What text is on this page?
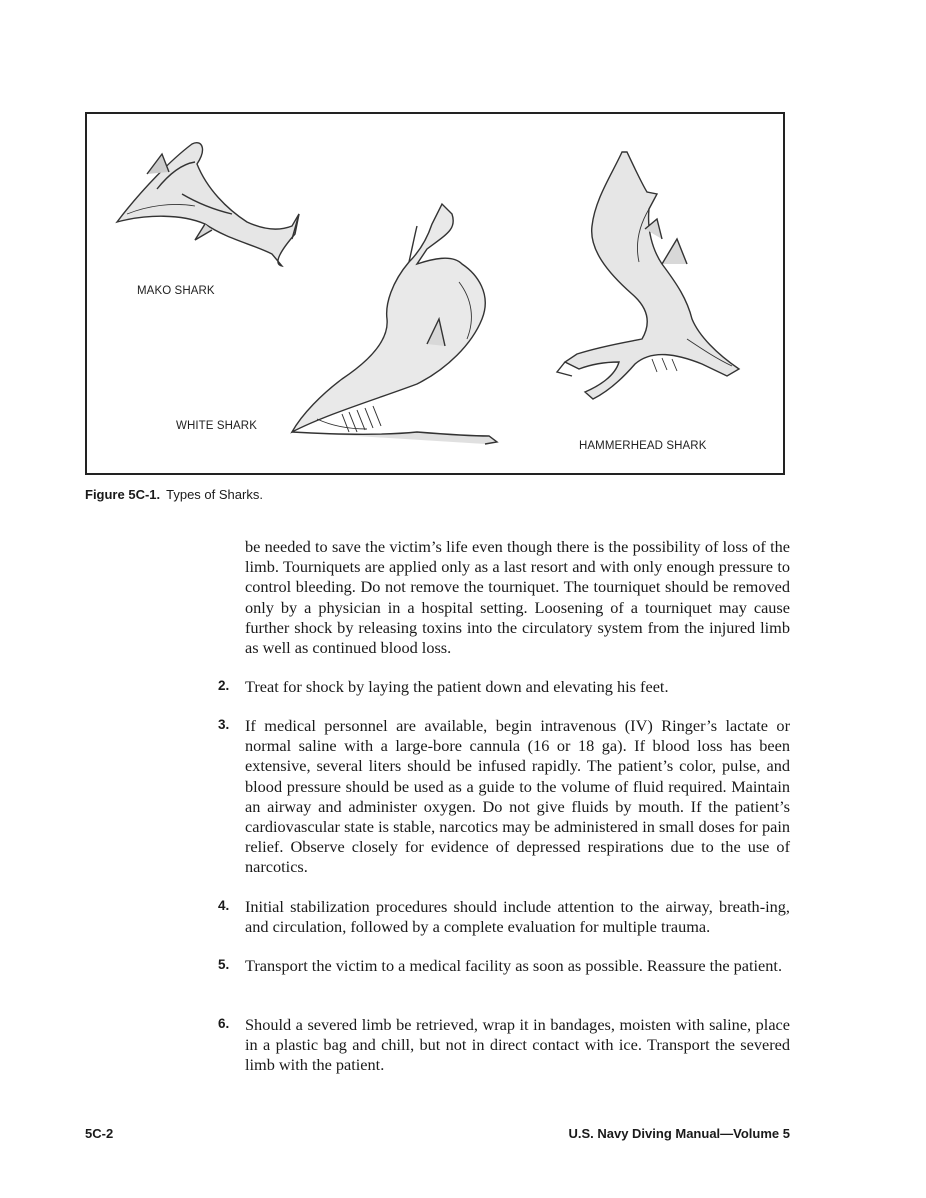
MAKO SHARK
WHITE SHARK
HAMMERHEAD SHARK
Figure 5C-1. Types of Sharks.

be needed to save the victim’s life even though there is the possibility of loss of the limb. Tourniquets are applied only as a last resort and with only enough pressure to control bleeding. Do not remove the tourniquet. The tourniquet should be removed only by a physician in a hospital setting. Loosening of a tourniquet may cause further shock by releasing toxins into the circulatory system from the injured limb as well as continued blood loss.

2. Treat for shock by laying the patient down and elevating his feet.
3. If medical personnel are available, begin intravenous (IV) Ringer’s lactate or normal saline with a large-bore cannula (16 or 18 ga). If blood loss has been extensive, several liters should be infused rapidly. The patient’s color, pulse, and blood pressure should be used as a guide to the volume of fluid required. Maintain an airway and administer oxygen. Do not give fluids by mouth. If the patient’s cardiovascular state is stable, narcotics may be administered in small doses for pain relief. Observe closely for evidence of depressed respirations due to the use of narcotics.
4. Initial stabilization procedures should include attention to the airway, breath-ing, and circulation, followed by a complete evaluation for multiple trauma.
5. Transport the victim to a medical facility as soon as possible. Reassure the patient.
6. Should a severed limb be retrieved, wrap it in bandages, moisten with saline, place in a plastic bag and chill, but not in direct contact with ice. Transport the severed limb with the patient.
5C-2	U.S. Navy Diving Manual—Volume 5
